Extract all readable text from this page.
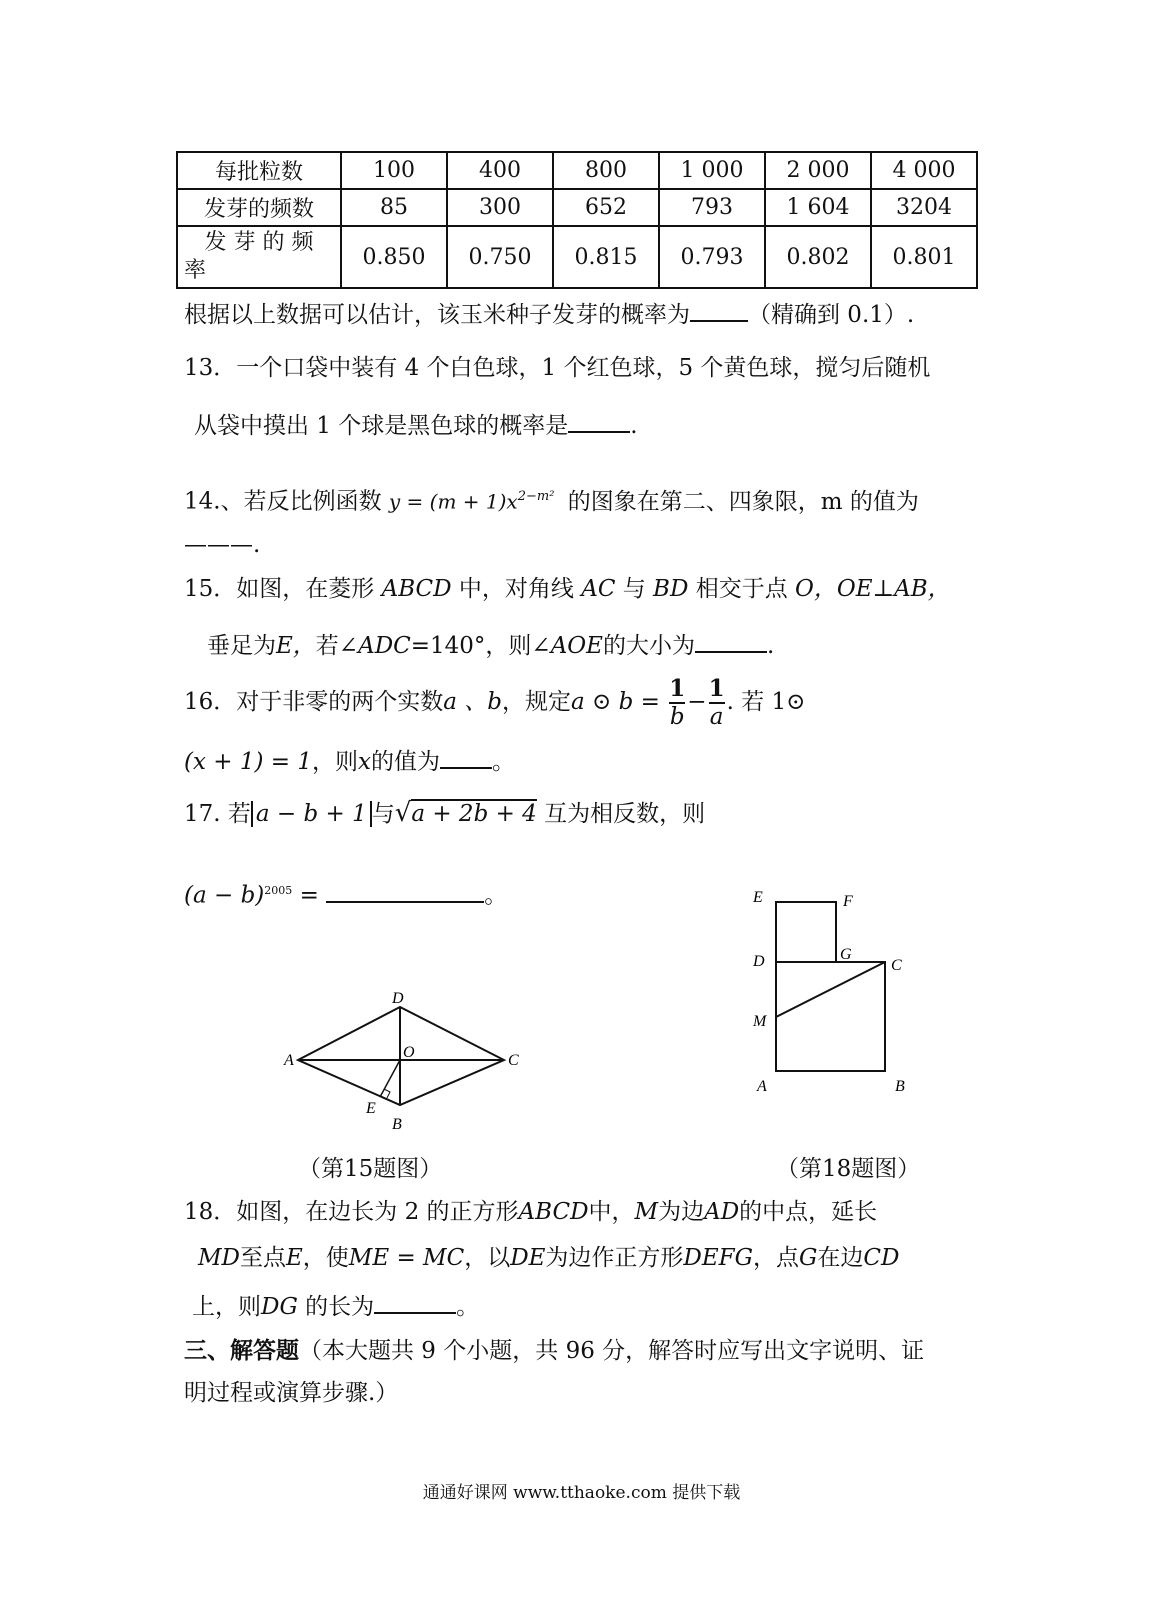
每批粒数	100	400	800	1 000	2 000	4 000
发芽的频数	85	300	652	793	1 604	3204

发 芽 的 频
率	0.850	0.750	0.815	0.793	0.802	0.801
根据以上数据可以估计，该玉米种子发芽的概率为	（精确到 0.1）.
13．一个口袋中装有 4 个白色球，1 个红色球，5 个黄色球，搅匀后随机
从袋中摸出 1 个球是黑色球的概率是	.
14.、若反比例函数 $y = (m + 1)x^{2-m^2}$ 的图象在第二、四象限，m 的值为
———.
15．如图，在菱形 ABCD 中，对角线 AC 与 BD 相交于点 O，OE⊥AB，
垂足为E，若∠ADC=140°，则∠AOE的大小为	.
16．对于非零的两个实数a 、b，规定a ⊙ $b = \frac{1}{b} - \frac{1}{a}$ . 若 1⊙
(x + 1) = 1，则x的值为 。
17. 若 a − b + 1 与√a + 2b + 4 互为相反数，则
$(a - b)^{2005}$ =	。
A
B
C
D
O
E
E	F
D	G
C
M
A	B
（第15题图）	（第18题图）
18．如图，在边长为 2 的正方形ABCD中，M为边AD的中点，延长
MD至点E，使ME = MC，以DE为边作正方形DEFG，点G在边CD
上，则DG 的长为	。
三、解答题（本大题共 9 个小题，共 96 分，解答时应写出文字说明、证
明过程或演算步骤.）
通通好课网 www.tthaoke.com 提供下载
